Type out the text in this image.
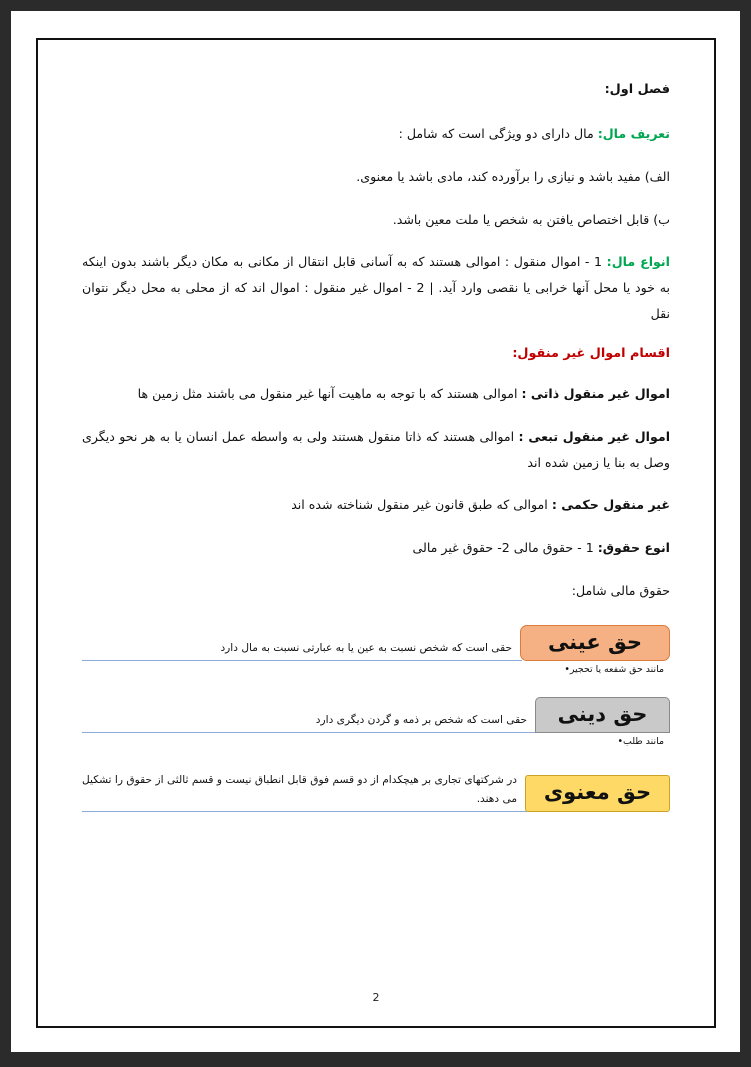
فصل اول:

تعریف مال: مال دارای دو ویژگی است که شامل :

الف) مفید باشد و نیازی را برآورده کند، مادی باشد یا معنوی.

ب) قابل اختصاص یافتن به شخص یا ملت معین باشد.

انواع مال: 1 - اموال منقول : اموالی هستند که به آسانی قابل انتقال از مکانی به مکان دیگر باشند بدون اینکه به خود یا محل آنها خرابی یا نقصی وارد آید. | 2 - اموال غیر منقول : اموال اند که از محلی به محل دیگر نتوان نقل

اقسام اموال غیر منقول:

اموال غیر منقول ذاتی : اموالی هستند که با توجه به ماهیت آنها غیر منقول می باشند مثل زمین ها

اموال غیر منقول تبعی : اموالی هستند که ذاتا منقول هستند ولی به واسطه عمل انسان یا به هر نحو دیگری وصل به بنا یا زمین شده اند

غیر منقول حکمی : اموالی که طبق قانون غیر منقول شناخته شده اند

انوع حقوق: 1 - حقوق مالی 2- حقوق غیر مالی

حقوق مالی شامل:

حق عینی
حقی است که شخص نسبت به عین یا به عبارتی نسبت به مال دارد
مانند حق شفعه یا تحجیر•
حق دینی
حقی است که شخص بر ذمه و گردن دیگری دارد
مانند طلب•
حق معنوی
در شرکتهای تجاری بر هیچکدام از دو قسم فوق قابل انطباق نیست و قسم ثالثی از حقوق را تشکیل می دهند.
2
